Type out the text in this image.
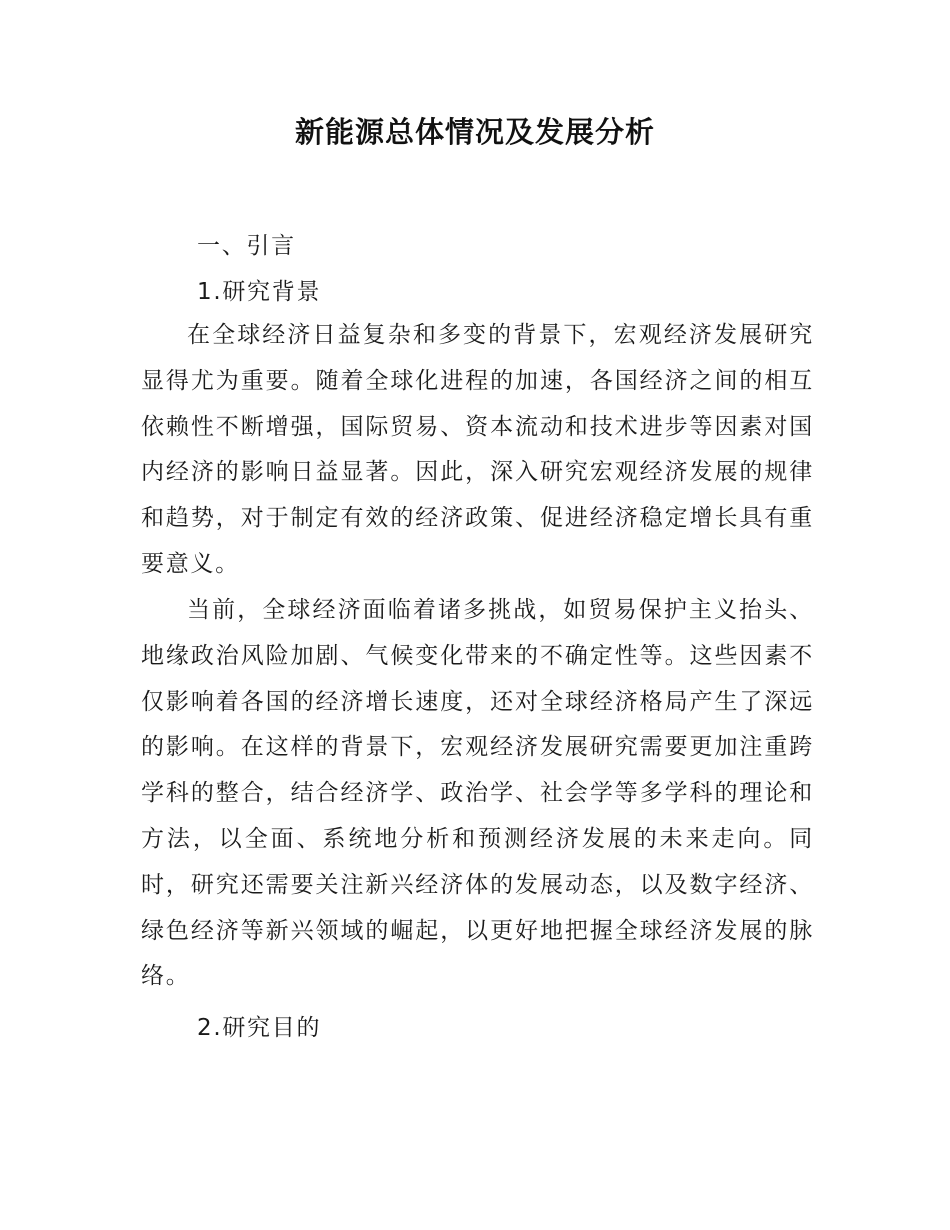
新能源总体情况及发展分析
一、引言
1.研究背景

在全球经济日益复杂和多变的背景下，宏观经济发展研究显得尤为重要。随着全球化进程的加速，各国经济之间的相互依赖性不断增强，国际贸易、资本流动和技术进步等因素对国内经济的影响日益显著。因此，深入研究宏观经济发展的规律和趋势，对于制定有效的经济政策、促进经济稳定增长具有重要意义。

当前，全球经济面临着诸多挑战，如贸易保护主义抬头、地缘政治风险加剧、气候变化带来的不确定性等。这些因素不仅影响着各国的经济增长速度，还对全球经济格局产生了深远的影响。在这样的背景下，宏观经济发展研究需要更加注重跨学科的整合，结合经济学、政治学、社会学等多学科的理论和方法，以全面、系统地分析和预测经济发展的未来走向。同时，研究还需要关注新兴经济体的发展动态，以及数字经济、绿色经济等新兴领域的崛起，以更好地把握全球经济发展的脉络。

2.研究目的
